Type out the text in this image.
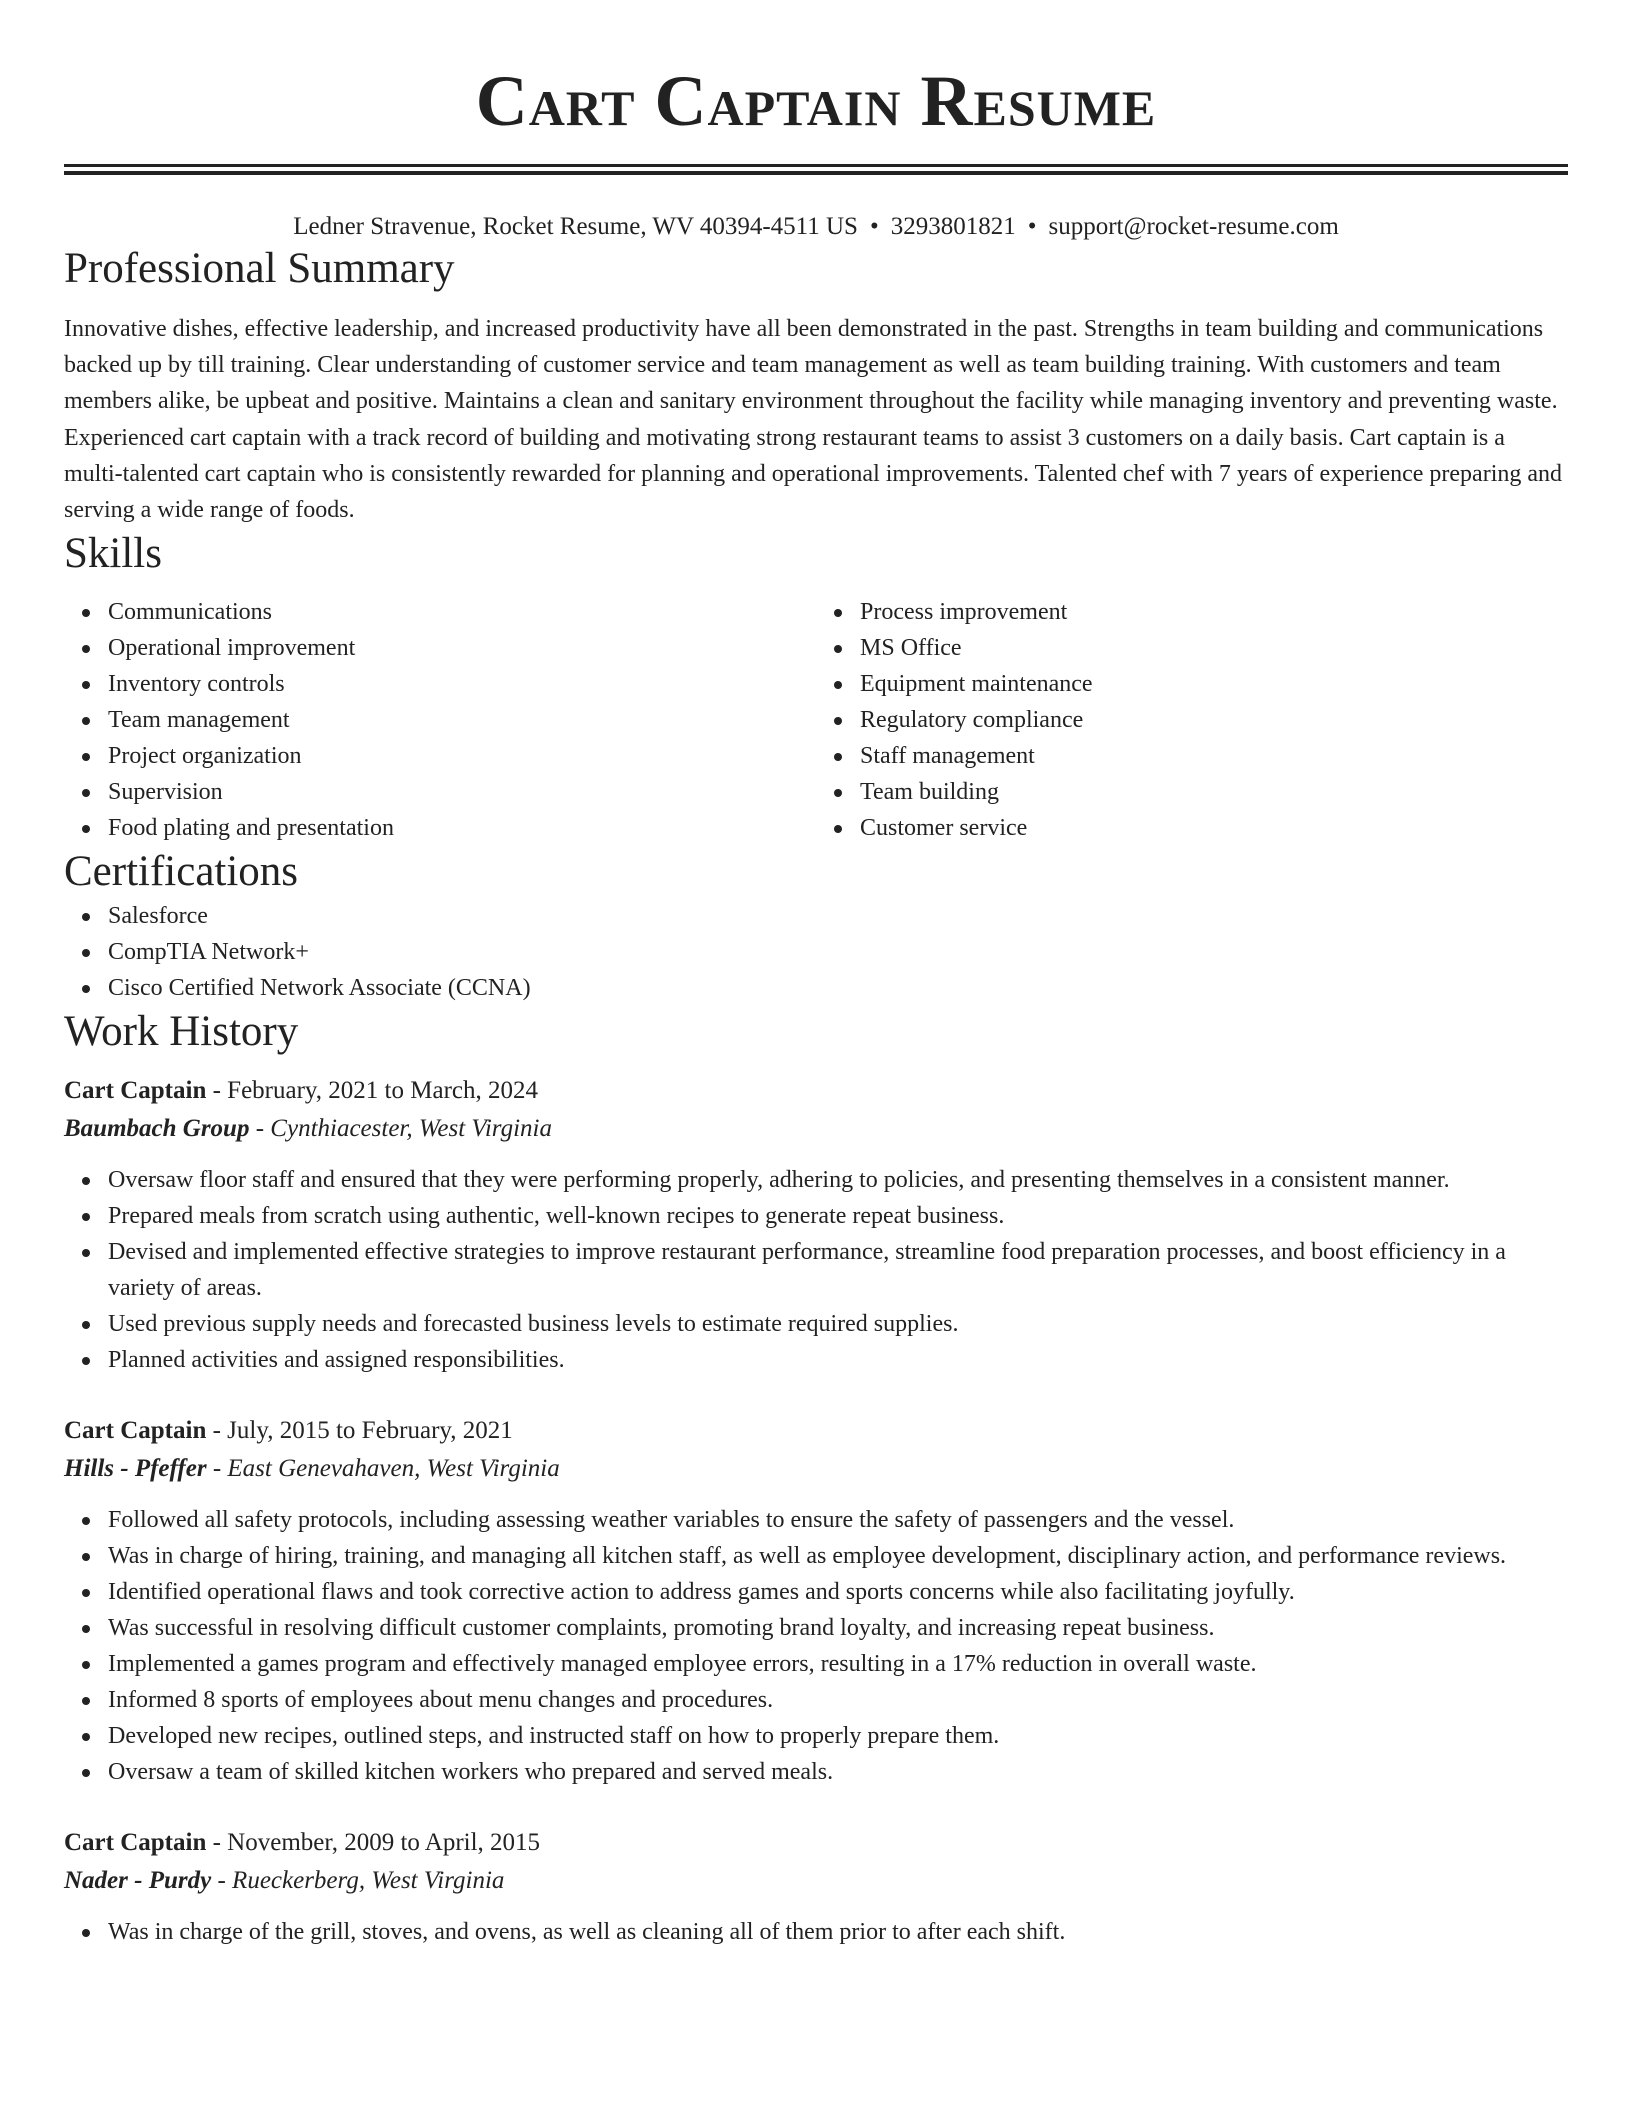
Cart Captain Resume
Ledner Stravenue, Rocket Resume, WV 40394-4511 US • 3293801821 • support@rocket-resume.com
Professional Summary

Innovative dishes, effective leadership, and increased productivity have all been demonstrated in the past. Strengths in team building and communications backed up by till training. Clear understanding of customer service and team management as well as team building training. With customers and team members alike, be upbeat and positive. Maintains a clean and sanitary environment throughout the facility while managing inventory and preventing waste. Experienced cart captain with a track record of building and motivating strong restaurant teams to assist 3 customers on a daily basis. Cart captain is a multi-talented cart captain who is consistently rewarded for planning and operational improvements. Talented chef with 7 years of experience preparing and serving a wide range of foods.

Skills
Communications
Operational improvement
Inventory controls
Team management
Project organization
Supervision
Food plating and presentation
Process improvement
MS Office
Equipment maintenance
Regulatory compliance
Staff management
Team building
Customer service
Certifications
Salesforce
CompTIA Network+
Cisco Certified Network Associate (CCNA)
Work History
Cart Captain - February, 2021 to March, 2024
Baumbach Group - Cynthiacester, West Virginia
Oversaw floor staff and ensured that they were performing properly, adhering to policies, and presenting themselves in a consistent manner.
Prepared meals from scratch using authentic, well-known recipes to generate repeat business.
Devised and implemented effective strategies to improve restaurant performance, streamline food preparation processes, and boost efficiency in a variety of areas.
Used previous supply needs and forecasted business levels to estimate required supplies.
Planned activities and assigned responsibilities.
Cart Captain - July, 2015 to February, 2021
Hills - Pfeffer - East Genevahaven, West Virginia
Followed all safety protocols, including assessing weather variables to ensure the safety of passengers and the vessel.
Was in charge of hiring, training, and managing all kitchen staff, as well as employee development, disciplinary action, and performance reviews.
Identified operational flaws and took corrective action to address games and sports concerns while also facilitating joyfully.
Was successful in resolving difficult customer complaints, promoting brand loyalty, and increasing repeat business.
Implemented a games program and effectively managed employee errors, resulting in a 17% reduction in overall waste.
Informed 8 sports of employees about menu changes and procedures.
Developed new recipes, outlined steps, and instructed staff on how to properly prepare them.
Oversaw a team of skilled kitchen workers who prepared and served meals.
Cart Captain - November, 2009 to April, 2015
Nader - Purdy - Rueckerberg, West Virginia
Was in charge of the grill, stoves, and ovens, as well as cleaning all of them prior to after each shift.
